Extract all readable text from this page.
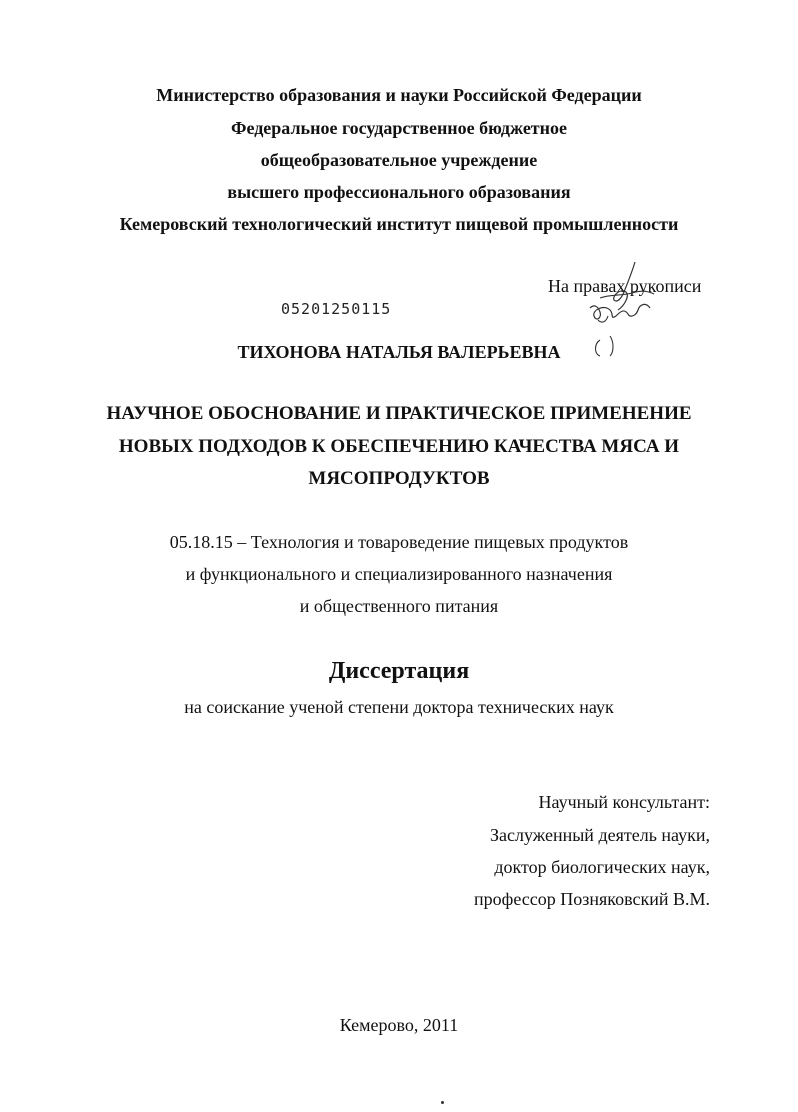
Министерство образования и науки Российской Федерации
Федеральное государственное бюджетное
общеобразовательное учреждение
высшего профессионального образования
Кемеровский технологический институт пищевой промышленности
На правах рукописи
05201250115
ТИХОНОВА НАТАЛЬЯ ВАЛЕРЬЕВНА
НАУЧНОЕ ОБОСНОВАНИЕ И ПРАКТИЧЕСКОЕ ПРИМЕНЕНИЕ
НОВЫХ ПОДХОДОВ К ОБЕСПЕЧЕНИЮ КАЧЕСТВА МЯСА И
МЯСОПРОДУКТОВ
05.18.15 – Технология и товароведение пищевых продуктов
и функционального и специализированного назначения
и общественного питания
Диссертация
на соискание ученой степени доктора технических наук
Научный консультант:
Заслуженный деятель науки,
доктор биологических наук,
профессор Позняковский В.М.
Кемерово, 2011
